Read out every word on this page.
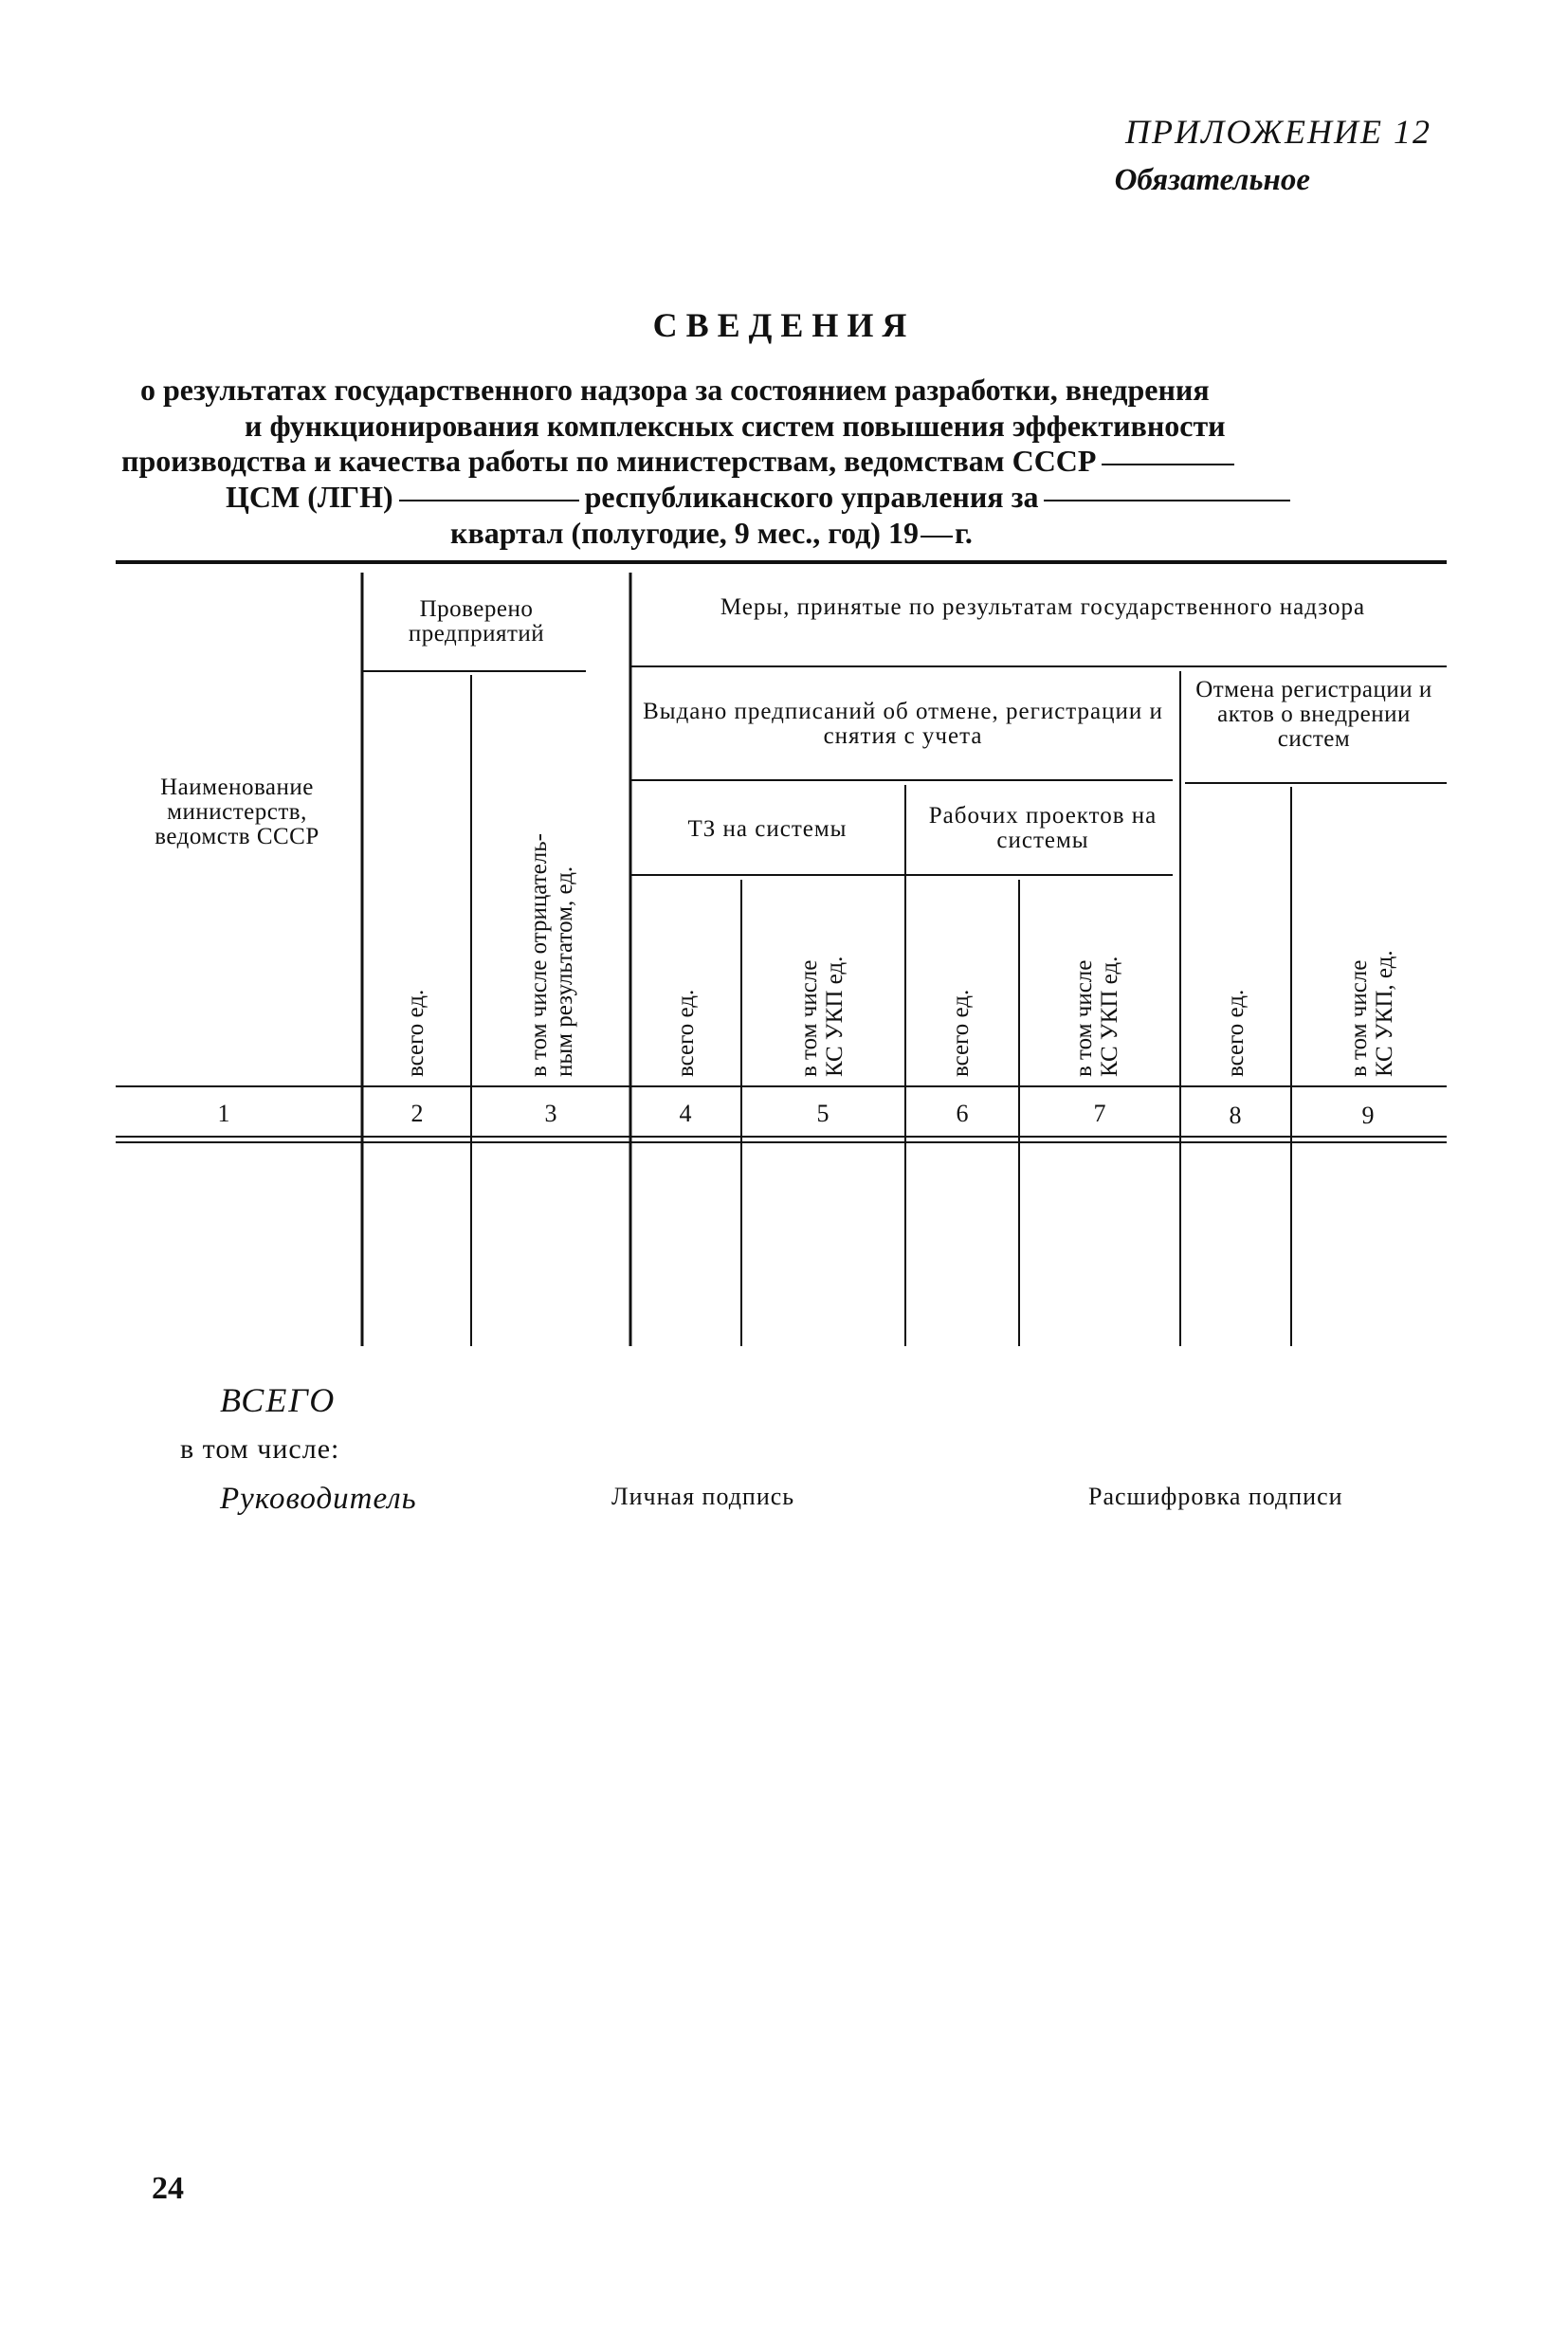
ПРИЛОЖЕНИЕ 12
Обязательное
СВЕДЕНИЯ
о результатах государственного надзора за состоянием разработки, внедрения
и функционирования комплексных систем повышения эффективности
производства и качества работы по министерствам, ведомствам СССР
ЦСМ (ЛГН)	республиканского управления за
квартал (полугодие, 9 мес., год) 19 г.
Наименование министерств, ведомств СССР
Проверено предприятий
Меры, принятые по результатам государственного надзора
Выдано предписаний об отмене, регистрации и снятия с учета
Отмена регистрации и актов о внедрении систем
ТЗ на системы
Рабочих проектов на системы
всего ед.	в том числе отрицатель- ным результатом, ед.	всего ед.	в том числе КС УКП ед.	всего ед.	в том числе КС УКП ед.	всего ед.	в том числе КС УКП, ед.
1	2	3	4	5	6	7	8	9
ВСЕГО
в том числе:
Руководитель	Личная подпись	Расшифровка подписи
24
